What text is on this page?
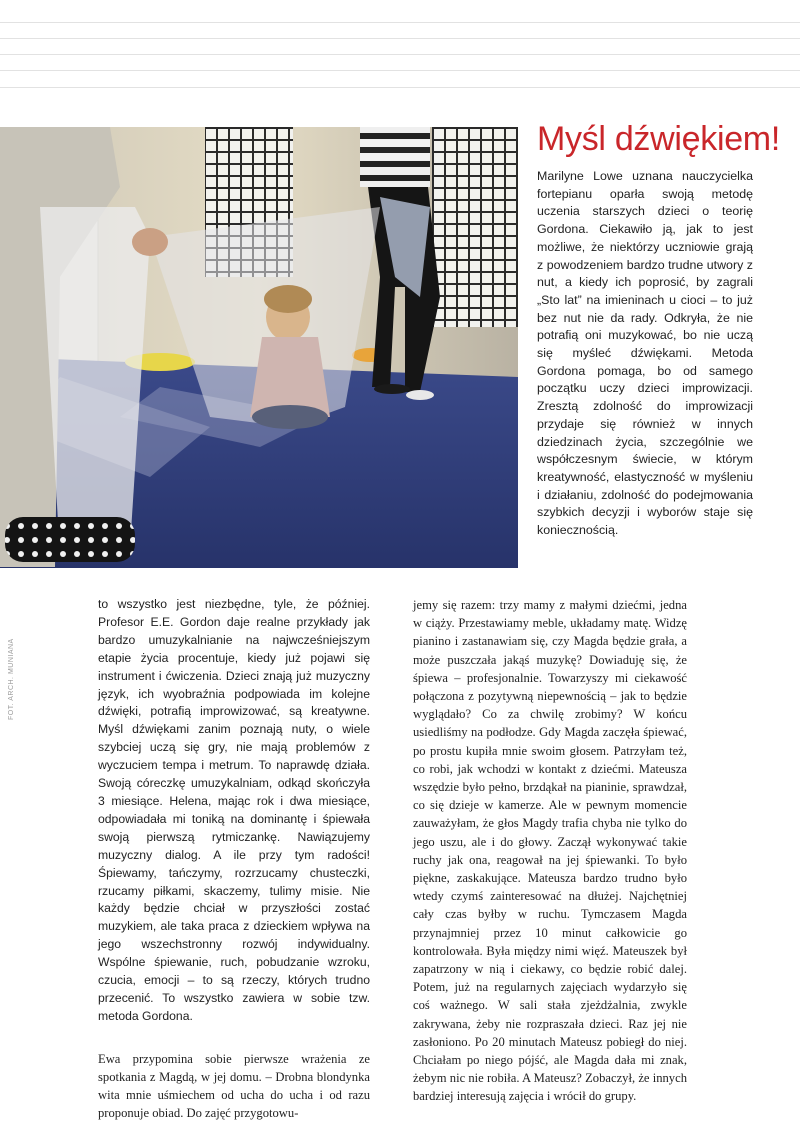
Myśl dźwiękiem!

Marilyne Lowe uznana nauczycielka fortepianu oparła swoją metodę uczenia starszych dzieci o teorię Gordona. Ciekawiło ją, jak to jest możliwe, że niektórzy uczniowie grają z powodzeniem bardzo trudne utwory z nut, a kiedy ich poprosić, by zagrali „Sto lat” na imieninach u cioci – to już bez nut nie da rady. Odkryła, że nie potrafią oni muzykować, bo nie uczą się myśleć dźwiękami. Metoda Gordona pomaga, bo od samego początku uczy dzieci improwizacji. Zresztą zdolność do improwizacji przydaje się również w innych dziedzinach życia, szczególnie we współczesnym świecie, w którym kreatywność, elastyczność w myśleniu i działaniu, zdolność do podejmowania szybkich decyzji i wyborów staje się koniecznością.

FOT. ARCH. MUNIANA

to wszystko jest niezbędne, tyle, że później. Profesor E.E. Gordon daje realne przykłady jak bardzo umuzykalnianie na najwcześniejszym etapie życia procentuje, kiedy już pojawi się instrument i ćwiczenia. Dzieci znają już muzyczny język, ich wyobraźnia podpowiada im kolejne dźwięki, potrafią improwizować, są kreatywne. Myśl dźwiękami zanim poznają nuty, o wiele szybciej uczą się gry, nie mają problemów z wyczuciem tempa i metrum. To naprawdę działa. Swoją córeczkę umuzykalniam, odkąd skończyła 3 miesiące. Helena, mając rok i dwa miesiące, odpowiadała mi toniką na dominantę i śpiewała swoją pierwszą rytmiczankę. Nawiązujemy muzyczny dialog. A ile przy tym radości! Śpiewamy, tańczymy, rozrzucamy chusteczki, rzucamy piłkami, skaczemy, tulimy misie. Nie każdy będzie chciał w przyszłości zostać muzykiem, ale taka praca z dzieckiem wpływa na jego wszechstronny rozwój indywidualny. Wspólne śpiewanie, ruch, pobudzanie wzroku, czucia, emocji – to są rzeczy, których trudno przecenić. To wszystko zawiera w sobie tzw. metoda Gordona.

Ewa przypomina sobie pierwsze wrażenia ze spotkania z Magdą, w jej domu. – Drobna blondynka wita mnie uśmiechem od ucha do ucha i od razu proponuje obiad. Do zajęć przygotowu-

jemy się razem: trzy mamy z małymi dziećmi, jedna w ciąży. Przestawiamy meble, układamy matę. Widzę pianino i zastanawiam się, czy Magda będzie grała, a może puszczała jakąś muzykę? Dowiaduję się, że śpiewa – profesjonalnie. Towarzyszy mi ciekawość połączona z pozytywną niepewnością – jak to będzie wyglądało? Co za chwilę zrobimy? W końcu usiedliśmy na podłodze. Gdy Magda zaczęła śpiewać, po prostu kupiła mnie swoim głosem. Patrzyłam też, co robi, jak wchodzi w kontakt z dziećmi. Mateusza wszędzie było pełno, brzdąkał na pianinie, sprawdzał, co się dzieje w kamerze. Ale w pewnym momencie zauważyłam, że głos Magdy trafia chyba nie tylko do jego uszu, ale i do głowy. Zaczął wykonywać takie ruchy jak ona, reagował na jej śpiewanki. To było piękne, zaskakujące. Mateusza bardzo trudno było wtedy czymś zainteresować na dłużej. Najchętniej cały czas byłby w ruchu. Tymczasem Magda przynajmniej przez 10 minut całkowicie go kontrolowała. Była między nimi więź. Mateuszek był zapatrzony w nią i ciekawy, co będzie robić dalej. Potem, już na regularnych zajęciach wydarzyło się coś ważnego. W sali stała zjeżdżalnia, zwykle zakrywana, żeby nie rozpraszała dzieci. Raz jej nie zasłoniono. Po 20 minutach Mateusz pobiegł do niej. Chciałam po niego pójść, ale Magda dała mi znak, żebym nic nie robiła. A Mateusz? Zobaczył, że innych bardziej interesują zajęcia i wrócił do grupy.
